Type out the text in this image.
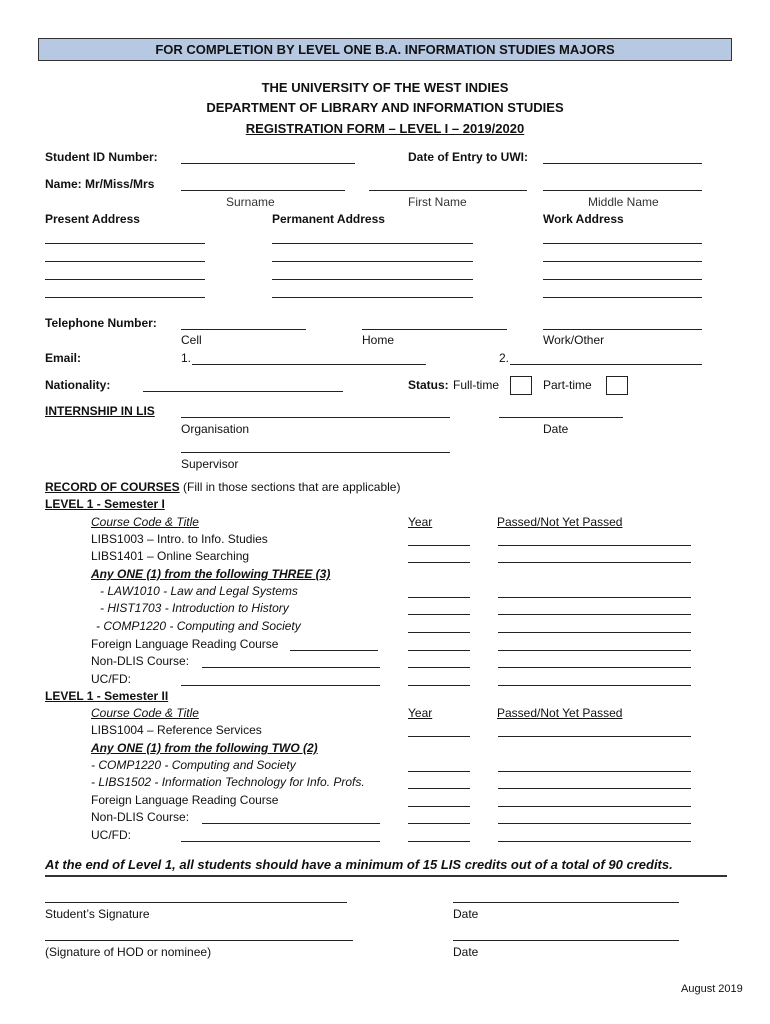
FOR COMPLETION BY LEVEL ONE B.A. INFORMATION STUDIES MAJORS
THE UNIVERSITY OF THE WEST INDIES
DEPARTMENT OF LIBRARY AND INFORMATION STUDIES
REGISTRATION FORM – LEVEL I – 2019/2020
Student ID Number:	Date of Entry to UWI:
Name: Mr/Miss/Mrs
Surname	First Name	Middle Name
Present Address	Permanent Address	Work Address
Telephone Number:
Cell	Home	Work/Other
Email:	1.	2.
Nationality:	Status: Full-time	Part-time
INTERNSHIP IN LIS
Organisation	Date
Supervisor
RECORD OF COURSES (Fill in those sections that are applicable)
LEVEL 1 - Semester I
Course Code & Title	Year	Passed/Not Yet Passed
LIBS1003 – Intro. to Info. Studies
LIBS1401 – Online Searching
Any ONE (1) from the following THREE (3)
- LAW1010 - Law and Legal Systems
- HIST1703 - Introduction to History
- COMP1220 - Computing and Society
Foreign Language Reading Course
Non-DLIS Course:
UC/FD:
LEVEL 1 - Semester II
Course Code & Title	Year	Passed/Not Yet Passed
LIBS1004 – Reference Services
Any ONE (1) from the following TWO (2)
- COMP1220 - Computing and Society
- LIBS1502 - Information Technology for Info. Profs.
Foreign Language Reading Course
Non-DLIS Course:
UC/FD:
At the end of Level 1, all students should have a minimum of 15 LIS credits out of a total of 90 credits.
Student’s Signature	Date
(Signature of HOD or nominee)	Date
August 2019
